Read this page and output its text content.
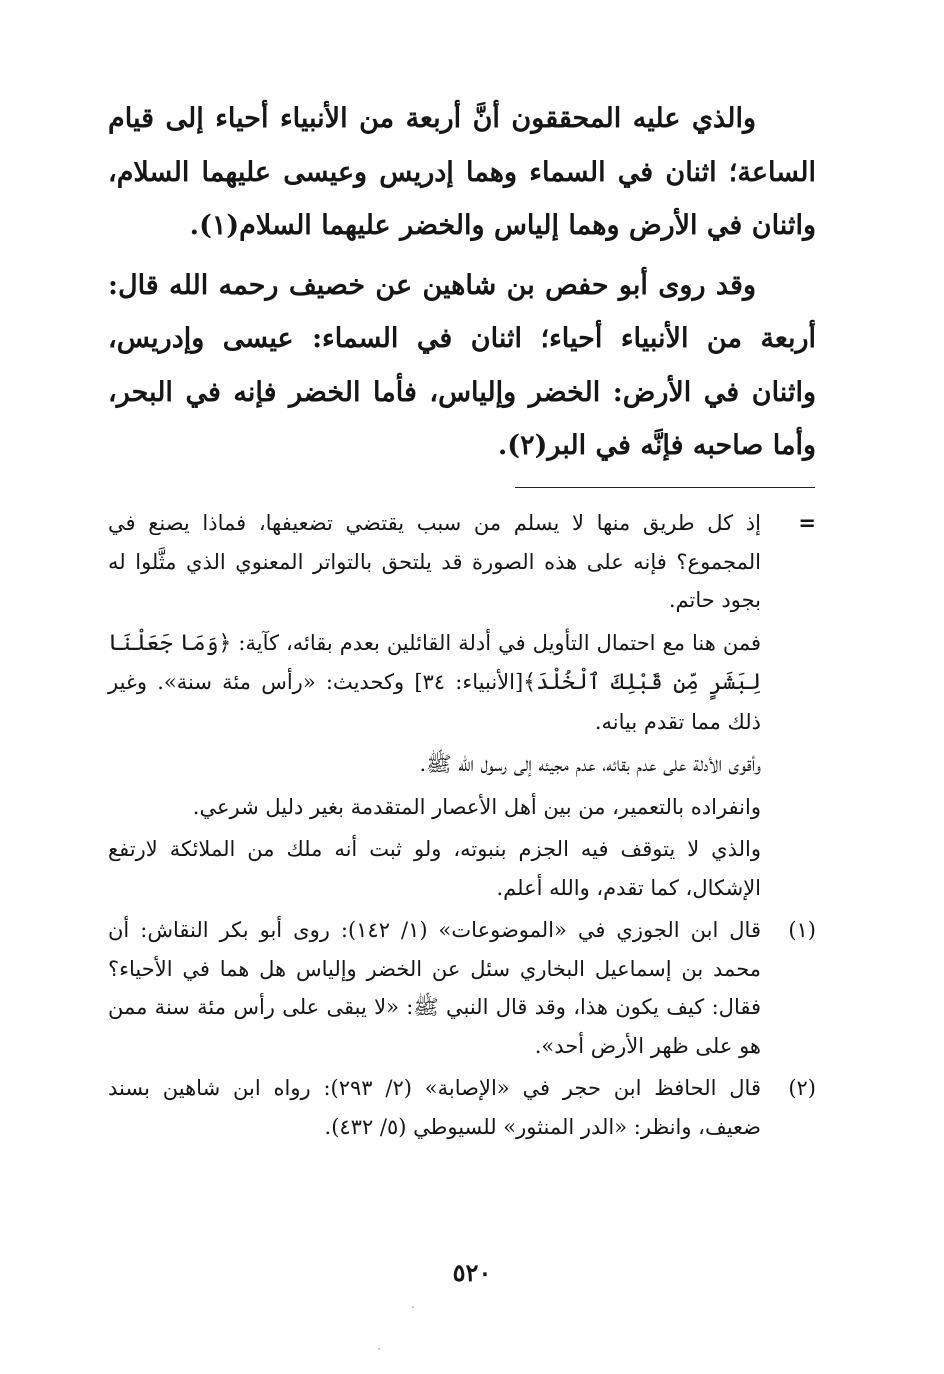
والذي عليه المحققون أنَّ أربعة من الأنبياء أحياء إلى قيام الساعة؛ اثنان في السماء وهما إدريس وعيسى عليهما السلام، واثنان في الأرض وهما إلياس والخضر عليهما السلام(١).

وقد روى أبو حفص بن شاهين عن خصيف رحمه الله قال: أربعة من الأنبياء أحياء؛ اثنان في السماء: عيسى وإدريس، واثنان في الأرض: الخضر وإلياس، فأما الخضر فإنه في البحر، وأما صاحبه فإنَّه في البر(٢).

=

إذ كل طريق منها لا يسلم من سبب يقتضي تضعيفها، فماذا يصنع في المجموع؟ فإنه على هذه الصورة قد يلتحق بالتواتر المعنوي الذي مثَّلوا له بجود حاتم.

فمن هنا مع احتمال التأويل في أدلة القائلين بعدم بقائه، كآية: ﴿وَمَا جَعَلْنَا لِبَشَرٍ مِّن قَبْلِكَ ٱلْخُلْدَ﴾[الأنبياء: ٣٤] وكحديث: «رأس مئة سنة». وغير ذلك مما تقدم بيانه.

وأقوى الأدلة على عدم بقائه، عدم مجيئه إلى رسول الله ﷺ.

وانفراده بالتعمير، من بين أهل الأعصار المتقدمة بغير دليل شرعي.

والذي لا يتوقف فيه الجزم بنبوته، ولو ثبت أنه ملك من الملائكة لارتفع الإشكال، كما تقدم، والله أعلم.

(١)

قال ابن الجوزي في «الموضوعات» (١/ ١٤٢): روى أبو بكر النقاش: أن محمد بن إسماعيل البخاري سئل عن الخضر وإلياس هل هما في الأحياء؟ فقال: كيف يكون هذا، وقد قال النبي ﷺ: «لا يبقى على رأس مئة سنة ممن هو على ظهر الأرض أحد».

(٢)

قال الحافظ ابن حجر في «الإصابة» (٢/ ٢٩٣): رواه ابن شاهين بسند ضعيف، وانظر: «الدر المنثور» للسيوطي (٥/ ٤٣٢).

٥٢٠
